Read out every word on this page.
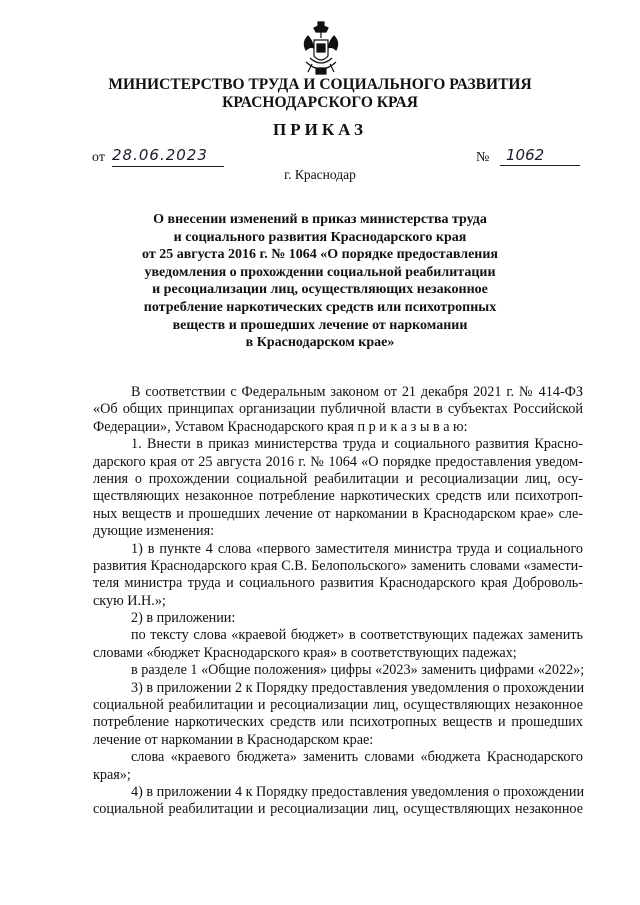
МИНИСТЕРСТВО ТРУДА И СОЦИАЛЬНОГО РАЗВИТИЯ
КРАСНОДАРСКОГО КРАЯ
ПРИКАЗ
от 28.06.2023	№	1062
г. Краснодар
О внесении изменений в приказ министерства труда
и социального развития Краснодарского края
от 25 августа 2016 г. № 1064 «О порядке предоставления
уведомления о прохождении социальной реабилитации
и ресоциализации лиц, осуществляющих незаконное
потребление наркотических средств или психотропных
веществ и прошедших лечение от наркомании
в Краснодарском крае»
В соответствии с Федеральным законом от 21 декабря 2021 г. № 414-ФЗ
«Об общих принципах организации публичной власти в субъектах Российской
Федерации», Уставом Краснодарского края п р и к а з ы в а ю:
1. Внести в приказ министерства труда и социального развития Красно-
дарского края от 25 августа 2016 г. № 1064 «О порядке предоставления уведом-
ления о прохождении социальной реабилитации и ресоциализации лиц, осу-
ществляющих незаконное потребление наркотических средств или психотроп-
ных веществ и прошедших лечение от наркомании в Краснодарском крае» сле-
дующие изменения:
1) в пункте 4 слова «первого заместителя министра труда и социального
развития Краснодарского края С.В. Белопольского» заменить словами «замести-
теля министра труда и социального развития Краснодарского края Доброволь-
скую И.Н.»;
2) в приложении:
по тексту слова «краевой бюджет» в соответствующих падежах заменить
словами «бюджет Краснодарского края» в соответствующих падежах;
в разделе 1 «Общие положения» цифры «2023» заменить цифрами «2022»;
3) в приложении 2 к Порядку предоставления уведомления о прохождении
социальной реабилитации и ресоциализации лиц, осуществляющих незаконное
потребление наркотических средств или психотропных веществ и прошедших
лечение от наркомании в Краснодарском крае:
слова «краевого бюджета» заменить словами «бюджета Краснодарского
края»;
4) в приложении 4 к Порядку предоставления уведомления о прохождении
социальной реабилитации и ресоциализации лиц, осуществляющих незаконное
